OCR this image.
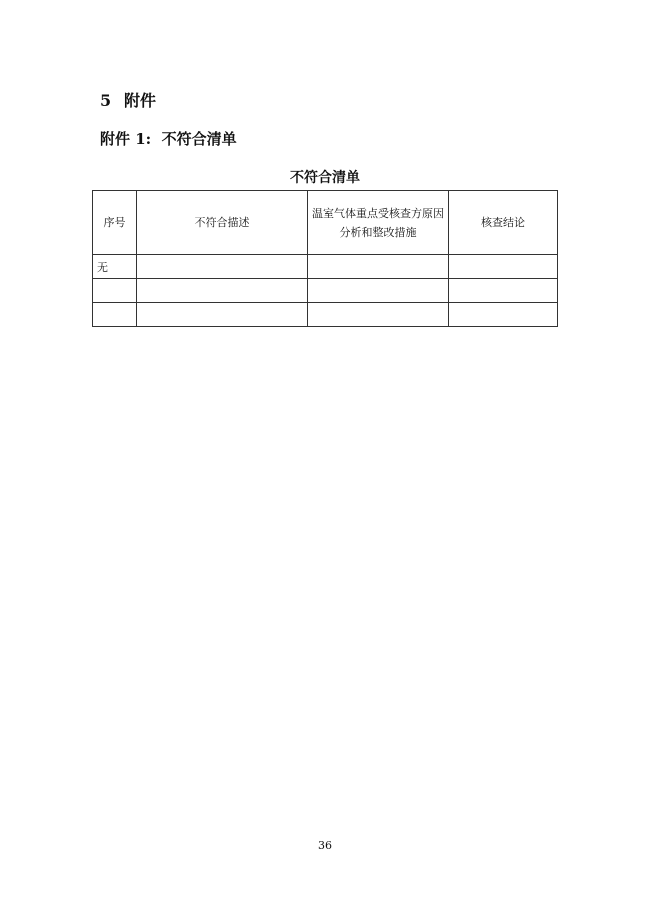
5 附件
附件 1: 不符合清单
不符合清单
序号	不符合描述	温室气体重点受核查方原因分析和整改措施	核查结论
无			

36
